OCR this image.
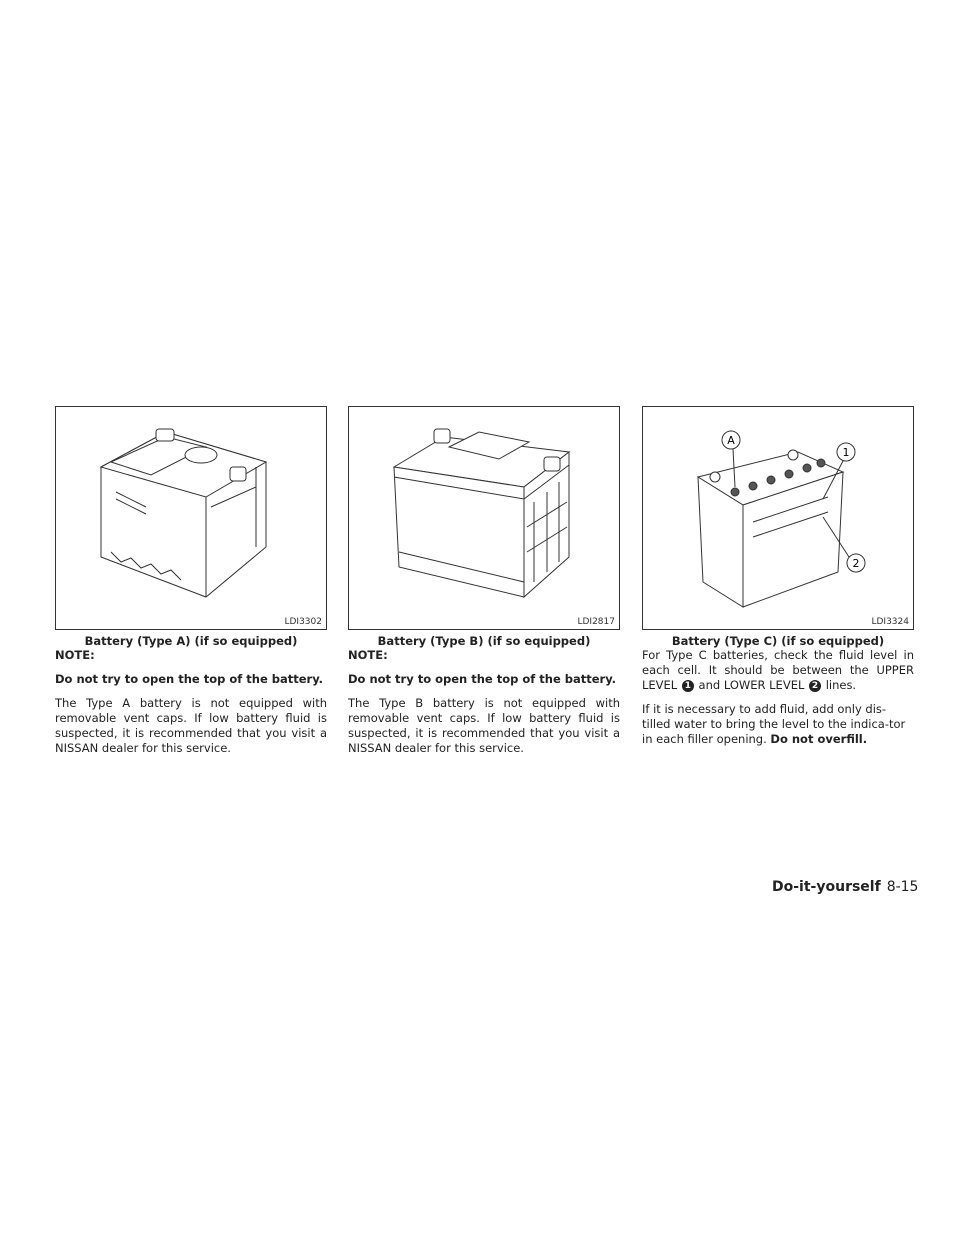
LDI3302
Battery (Type A) (if so equipped)

NOTE:

Do not try to open the top of the battery.

The Type A battery is not equipped with removable vent caps. If low battery fluid is suspected, it is recommended that you visit a NISSAN dealer for this service.

LDI2817
Battery (Type B) (if so equipped)

NOTE:

Do not try to open the top of the battery.

The Type B battery is not equipped with removable vent caps. If low battery fluid is suspected, it is recommended that you visit a NISSAN dealer for this service.

A
1
2
LDI3324
Battery (Type C) (if so equipped)

For Type C batteries, check the fluid level in each cell. It should be between the UPPER LEVEL 1 and LOWER LEVEL 2 lines.

If it is necessary to add fluid, add only dis-tilled water to bring the level to the indica-tor in each filler opening. Do not overfill.

Do-it-yourself 8-15
